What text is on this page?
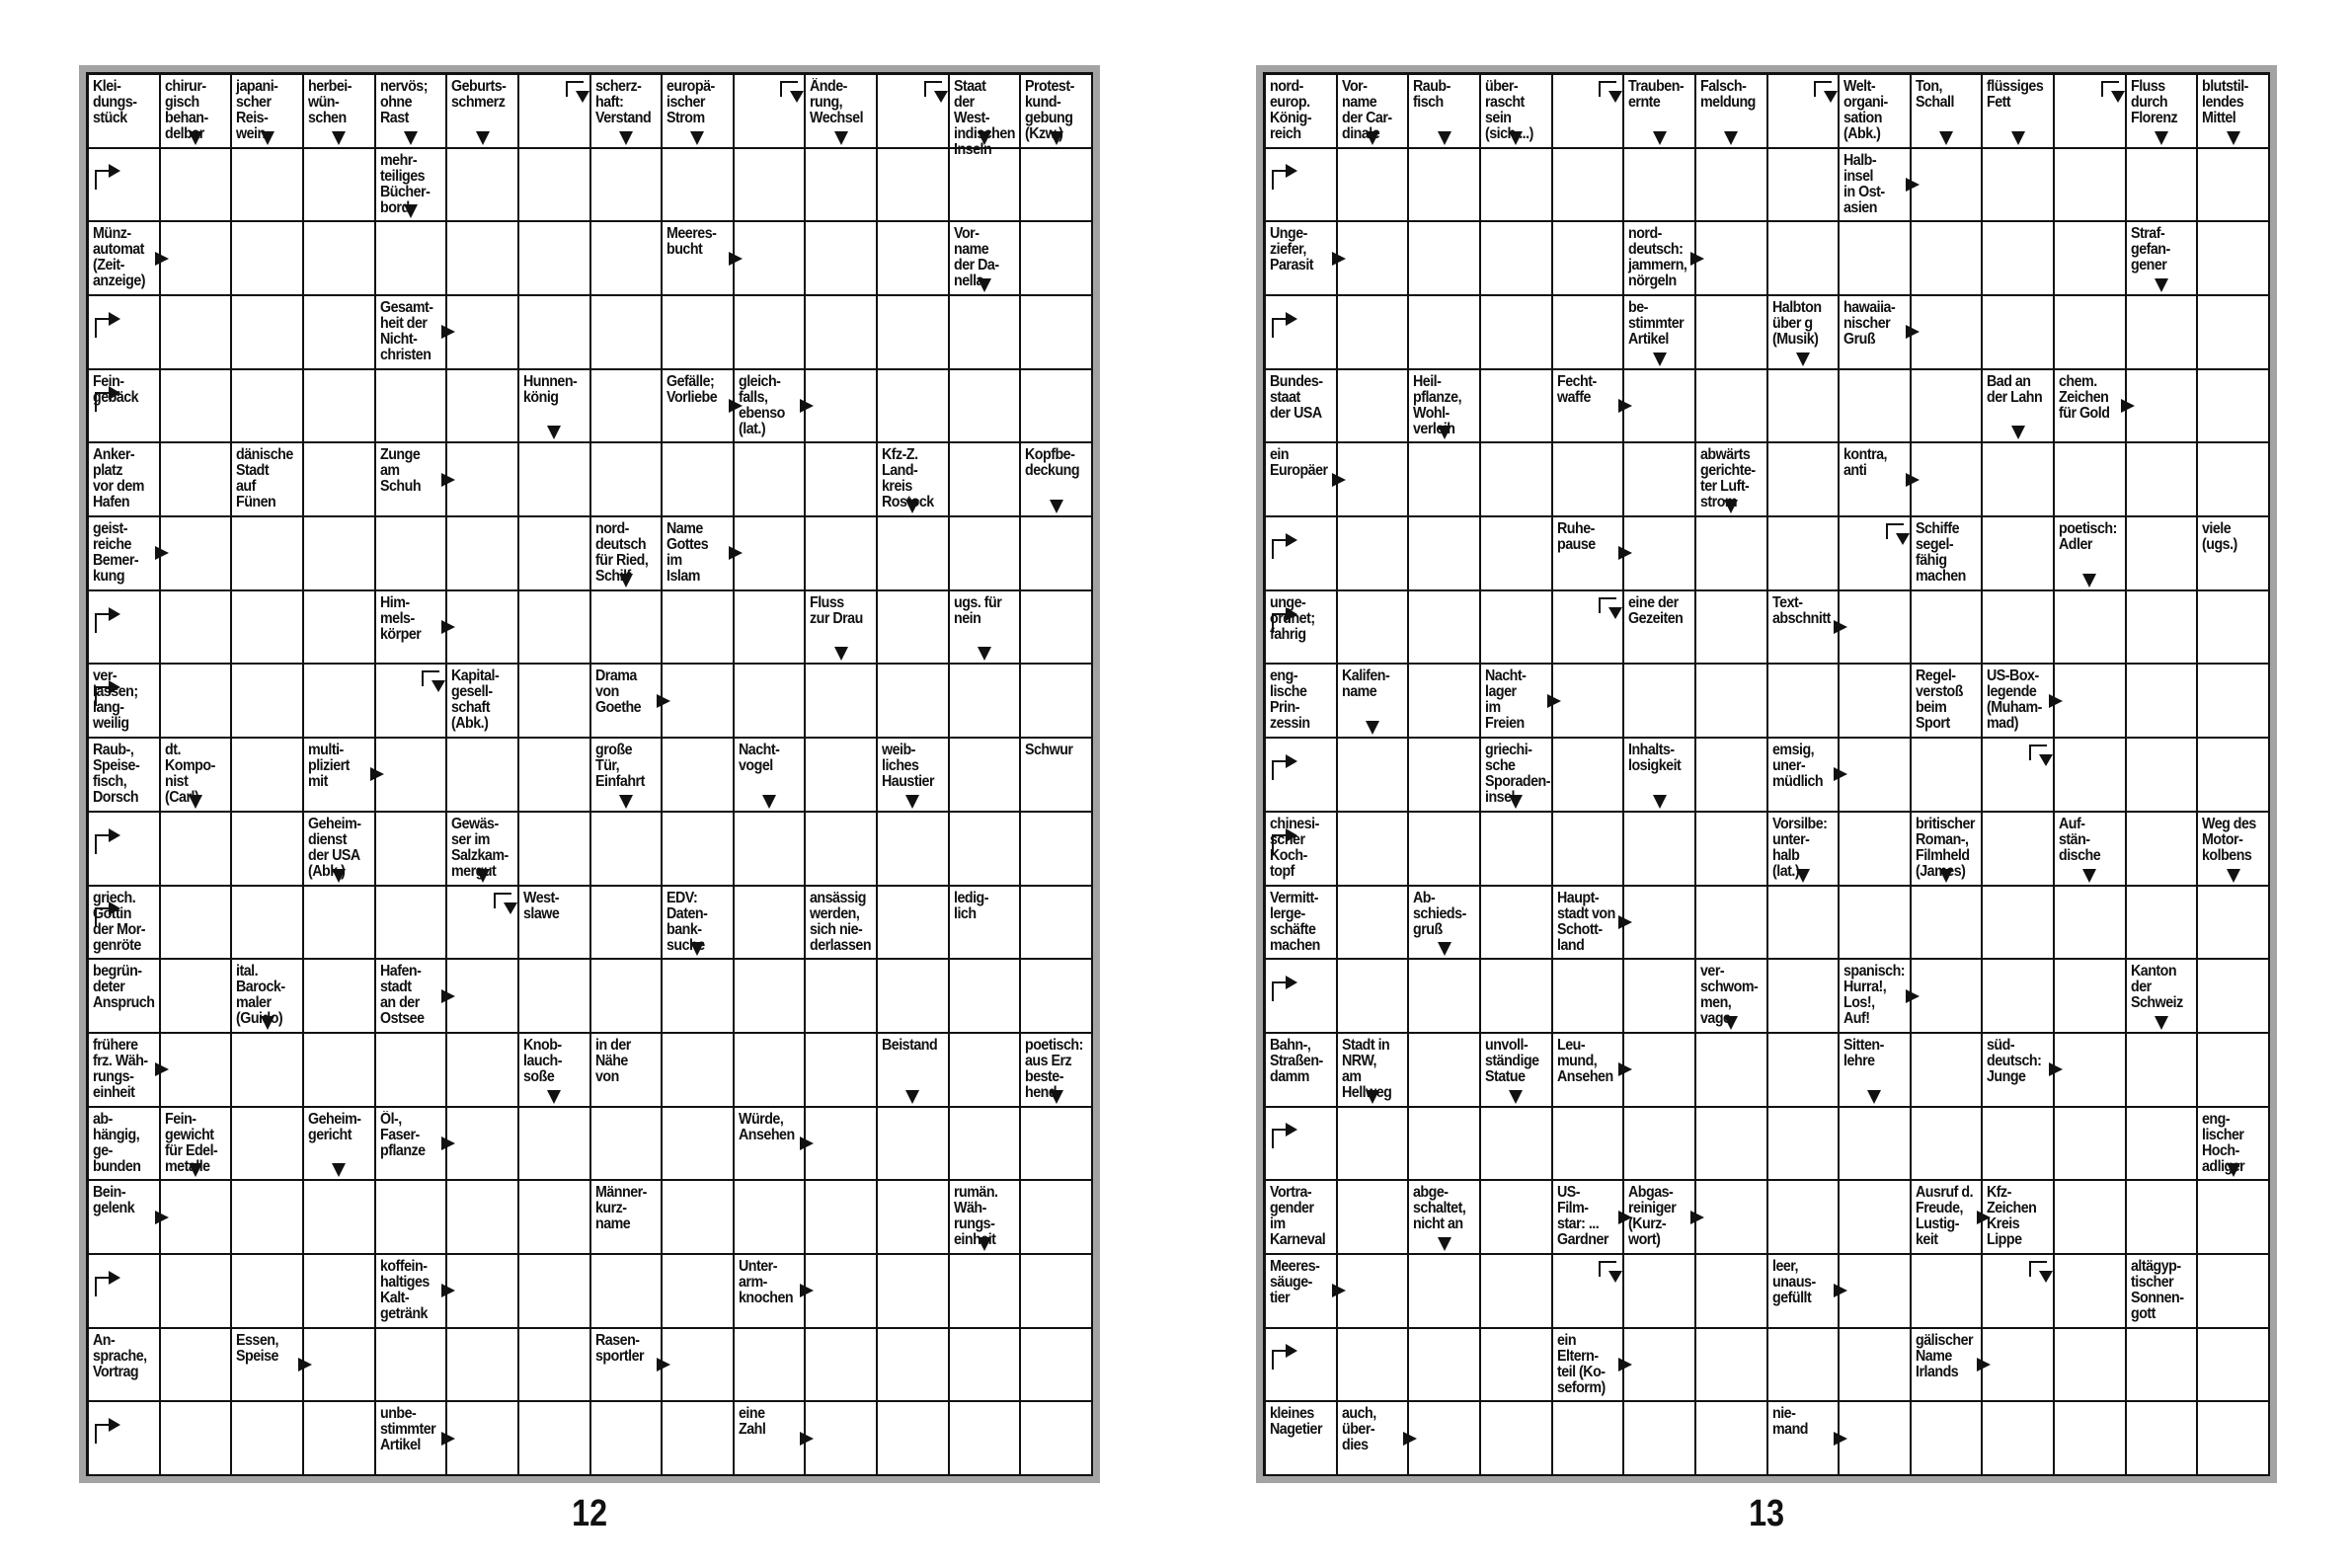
Klei-
dungs-
stück
chirur-
gisch
behan-
delbar
japani-
scher
Reis-
wein
herbei-
wün-
schen
nervös;
ohne
Rast
Geburts-
schmerz
scherz-
haft:
Verstand
europä-
ischer
Strom
Ände-
rung,
Wechsel
Staat
der West-
indischen
Inseln
Protest-
kund-
gebung
(Kzw.)
mehr-
teiliges
Bücher-
bord
Münz-
automat
(Zeit-
anzeige)
Meeres-
bucht
Vor-
name
der Da-
nella
Gesamt-
heit der
Nicht-
christen
Fein-
gebäck
Hunnen-
könig
Gefälle;
Vorliebe
gleich-
falls,
ebenso
(lat.)
Anker-
platz
vor dem
Hafen
dänische
Stadt
auf
Fünen
Zunge
am
Schuh
Kfz-Z.
Land-
kreis
Rostock
Kopfbe-
deckung
geist-
reiche
Bemer-
kung
nord-
deutsch
für Ried,
Schilf
Name
Gottes
im
Islam
Him-
mels-
körper
Fluss
zur Drau
ugs. für
nein
ver-
lassen;
lang-
weilig
Kapital-
gesell-
schaft
(Abk.)
Drama
von
Goethe
Raub-,
Speise-
fisch,
Dorsch
dt.
Kompo-
nist
(Carl)
multi-
pliziert
mit
große
Tür,
Einfahrt
Nacht-
vogel
weib-
liches
Haustier
Schwur
Geheim-
dienst
der USA
(Abk.)
Gewäs-
ser im
Salzkam-
mergut
griech.
Göttin
der Mor-
genröte
West-
slawe
EDV:
Daten-
bank-
suche
ansässig
werden,
sich nie-
derlassen
ledig-
lich
begrün-
deter
Anspruch
ital.
Barock-
maler
(Guido)
Hafen-
stadt
an der
Ostsee
frühere
frz. Wäh-
rungs-
einheit
Knob-
lauch-
soße
in der
Nähe
von
Beistand	poetisch:
aus Erz
beste-
hend
ab-
hängig,
ge-
bunden
Fein-
gewicht
für Edel-
metalle
Geheim-
gericht
Öl-,
Faser-
pflanze
Würde,
Ansehen
Bein-
gelenk
Männer-
kurz-
name
rumän.
Wäh-
rungs-
einheit
koffein-
haltiges
Kalt-
getränk
Unter-
arm-
knochen
An-
sprache,
Vortrag
Essen,
Speise
Rasen-
sportler
unbe-
stimmter
Artikel
eine
Zahl
nord-
europ.
König-
reich
Vor-
name
der Car-
dinale
Raub-
fisch
über-
rascht
sein
(sich ...)
Trauben-
ernte
Falsch-
meldung
Welt-
organi-
sation
(Abk.)
Ton,
Schall
flüssiges
Fett
Fluss
durch
Florenz
blutstil-
lendes
Mittel
Halb-
insel
in Ost-
asien
Unge-
ziefer,
Parasit
nord-
deutsch:
jammern,
nörgeln
Straf-
gefan-
gener
be-
stimmter
Artikel
Halbton
über g
(Musik)
hawaiia-
nischer
Gruß
Bundes-
staat
der USA
Heil-
pflanze,
Wohl-
verleih
Fecht-
waffe
Bad an
der Lahn
chem.
Zeichen
für Gold
ein
Europäer
abwärts
gerichte-
ter Luft-
strom
kontra,
anti
Ruhe-
pause
Schiffe
segel-
fähig
machen
poetisch:
Adler
viele
(ugs.)
unge-
ordnet;
fahrig
eine der
Gezeiten
Text-
abschnitt
eng-
lische
Prin-
zessin
Kalifen-
name
Nacht-
lager
im
Freien
Regel-
verstoß
beim
Sport
US-Box-
legende
(Muham-
mad)
griechi-
sche
Sporaden-
insel
Inhalts-
losigkeit
emsig,
uner-
müdlich
chinesi-
scher
Koch-
topf
Vorsilbe:
unter-
halb
(lat.)
britischer
Roman-,
Filmheld
(James)
Auf-
stän-
dische
Weg des
Motor-
kolbens
Vermitt-
lerge-
schäfte
machen
Ab-
schieds-
gruß
Haupt-
stadt von
Schott-
land
ver-
schwom-
men,
vage
spanisch:
Hurra!,
Los!, Auf!
Kanton
der
Schweiz
Bahn-,
Straßen-
damm
Stadt in
NRW,
am
Hellweg
unvoll-
ständige
Statue
Leu-
mund,
Ansehen
Sitten-
lehre
süd-
deutsch:
Junge
eng-
lischer
Hoch-
adliger
Vortra-
gender
im
Karneval
abge-
schaltet,
nicht an
US-
Film-
star: ...
Gardner
Abgas-
reiniger
(Kurz-
wort)
Ausruf d.
Freude,
Lustig-
keit
Kfz-
Zeichen
Kreis
Lippe
Meeres-
säuge-
tier
leer,
unaus-
gefüllt
altägyp-
tischer
Sonnen-
gott
ein
Eltern-
teil (Ko-
seform)
gälischer
Name
Irlands
kleines
Nagetier
auch,
über-
dies
nie-
mand
12	13
